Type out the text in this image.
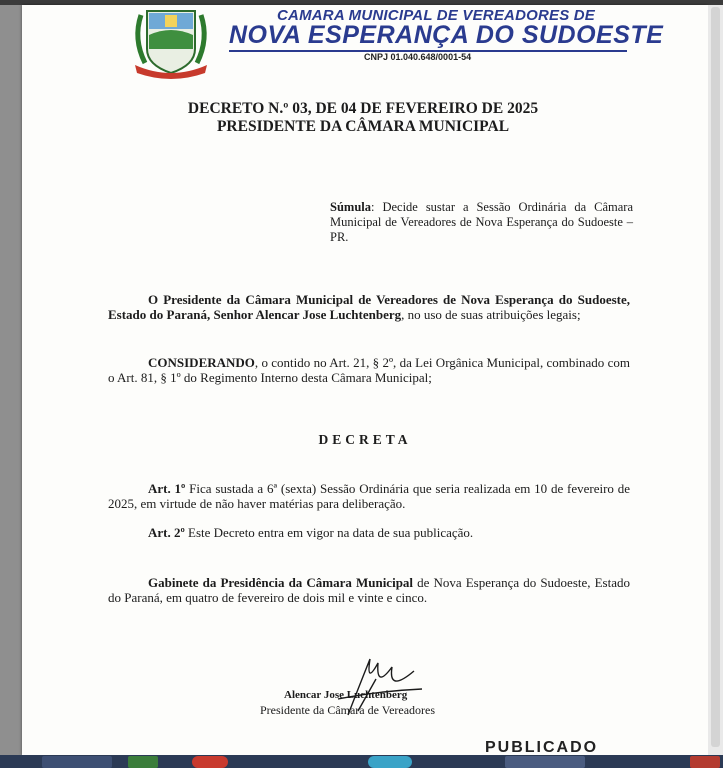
CAMARA MUNICIPAL DE VEREADORES DE
NOVA ESPERANÇA DO SUDOESTE
CNPJ 01.040.648/0001-54
DECRETO N.º 03, DE 04 DE FEVEREIRO DE 2025
PRESIDENTE DA CÂMARA MUNICIPAL
Súmula: Decide sustar a Sessão Ordinária da Câmara Municipal de Vereadores de Nova Esperança do Sudoeste – PR.
O Presidente da Câmara Municipal de Vereadores de Nova Esperança do Sudoeste, Estado do Paraná, Senhor Alencar Jose Luchtenberg, no uso de suas atribuições legais;
CONSIDERANDO, o contido no Art. 21, § 2º, da Lei Orgânica Municipal, combinado com o Art. 81, § 1º do Regimento Interno desta Câmara Municipal;
DECRETA
Art. 1º Fica sustada a 6ª (sexta) Sessão Ordinária que seria realizada em 10 de fevereiro de 2025, em virtude de não haver matérias para deliberação.
Art. 2º Este Decreto entra em vigor na data de sua publicação.
Gabinete da Presidência da Câmara Municipal de Nova Esperança do Sudoeste, Estado do Paraná, em quatro de fevereiro de dois mil e vinte e cinco.
Alencar Jose Luchtenberg
Presidente da Câmara de Vereadores
PUBLICADO
